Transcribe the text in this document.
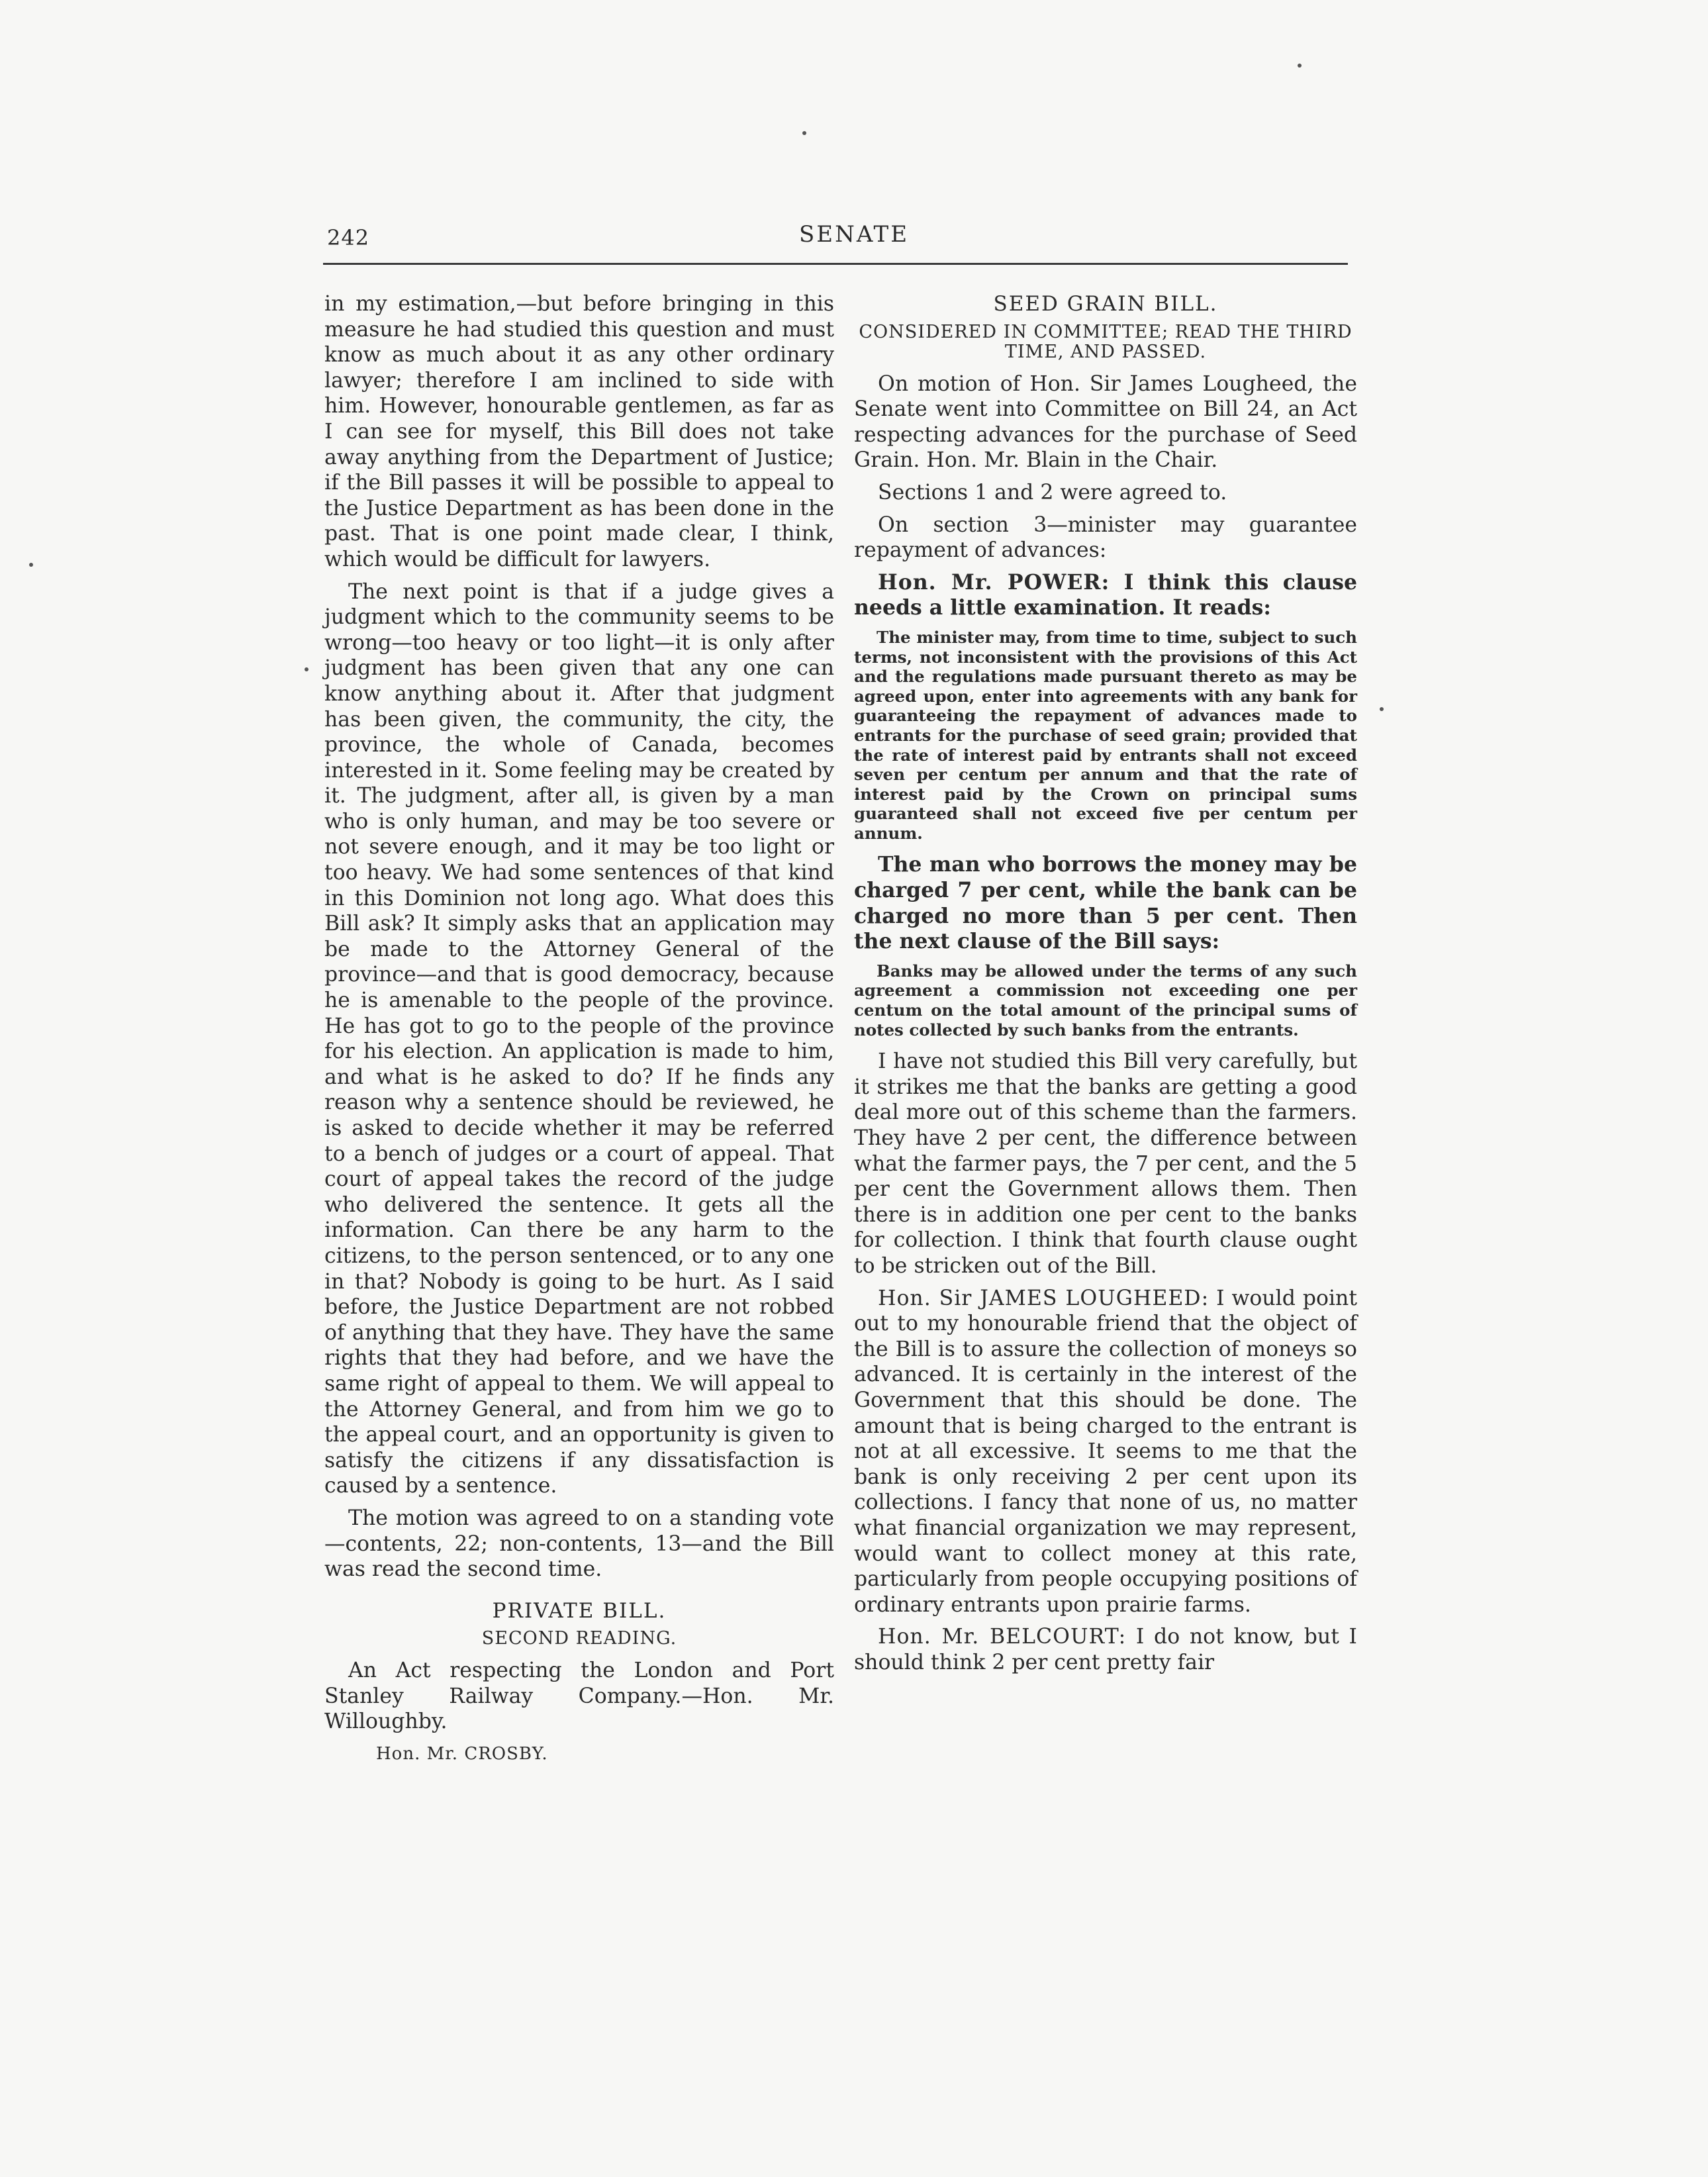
242	SENATE

in my estimation,—but before bringing in this measure he had studied this question and must know as much about it as any other ordinary lawyer; therefore I am inclined to side with him. However, honourable gentlemen, as far as I can see for myself, this Bill does not take away anything from the Department of Justice; if the Bill passes it will be possible to appeal to the Justice Department as has been done in the past. That is one point made clear, I think, which would be difficult for lawyers.

The next point is that if a judge gives a judgment which to the community seems to be wrong—too heavy or too light—it is only after judgment has been given that any one can know anything about it. After that judgment has been given, the community, the city, the province, the whole of Canada, becomes interested in it. Some feeling may be created by it. The judgment, after all, is given by a man who is only human, and may be too severe or not severe enough, and it may be too light or too heavy. We had some sentences of that kind in this Dominion not long ago. What does this Bill ask? It simply asks that an application may be made to the Attorney General of the province—and that is good democracy, because he is amenable to the people of the province. He has got to go to the people of the province for his election. An application is made to him, and what is he asked to do? If he finds any reason why a sentence should be reviewed, he is asked to decide whether it may be referred to a bench of judges or a court of appeal. That court of appeal takes the record of the judge who delivered the sentence. It gets all the information. Can there be any harm to the citizens, to the person sentenced, or to any one in that? Nobody is going to be hurt. As I said before, the Justice Department are not robbed of anything that they have. They have the same rights that they had before, and we have the same right of appeal to them. We will appeal to the Attorney General, and from him we go to the appeal court, and an opportunity is given to satisfy the citizens if any dissatisfaction is caused by a sentence.

The motion was agreed to on a standing vote—contents, 22; non-contents, 13—and the Bill was read the second time.

PRIVATE BILL.
SECOND READING.

An Act respecting the London and Port Stanley Railway Company.—Hon. Mr. Willoughby.

Hon. Mr. CROSBY.

SEED GRAIN BILL.
CONSIDERED IN COMMITTEE; READ THE THIRD TIME, AND PASSED.

On motion of Hon. Sir James Lougheed, the Senate went into Committee on Bill 24, an Act respecting advances for the purchase of Seed Grain. Hon. Mr. Blain in the Chair.

Sections 1 and 2 were agreed to.

On section 3—minister may guarantee repayment of advances:

Hon. Mr. POWER: I think this clause needs a little examination. It reads:

The minister may, from time to time, subject to such terms, not inconsistent with the provisions of this Act and the regulations made pursuant thereto as may be agreed upon, enter into agreements with any bank for guaranteeing the repayment of advances made to entrants for the purchase of seed grain; provided that the rate of interest paid by entrants shall not exceed seven per centum per annum and that the rate of interest paid by the Crown on principal sums guaranteed shall not exceed five per centum per annum.

The man who borrows the money may be charged 7 per cent, while the bank can be charged no more than 5 per cent. Then the next clause of the Bill says:

Banks may be allowed under the terms of any such agreement a commission not exceeding one per centum on the total amount of the principal sums of notes collected by such banks from the entrants.

I have not studied this Bill very carefully, but it strikes me that the banks are getting a good deal more out of this scheme than the farmers. They have 2 per cent, the difference between what the farmer pays, the 7 per cent, and the 5 per cent the Government allows them. Then there is in addition one per cent to the banks for collection. I think that fourth clause ought to be stricken out of the Bill.

Hon. Sir JAMES LOUGHEED: I would point out to my honourable friend that the object of the Bill is to assure the collection of moneys so advanced. It is certainly in the interest of the Government that this should be done. The amount that is being charged to the entrant is not at all excessive. It seems to me that the bank is only receiving 2 per cent upon its collections. I fancy that none of us, no matter what financial organization we may represent, would want to collect money at this rate, particularly from people occupying positions of ordinary entrants upon prairie farms.

Hon. Mr. BELCOURT: I do not know, but I should think 2 per cent pretty fair
